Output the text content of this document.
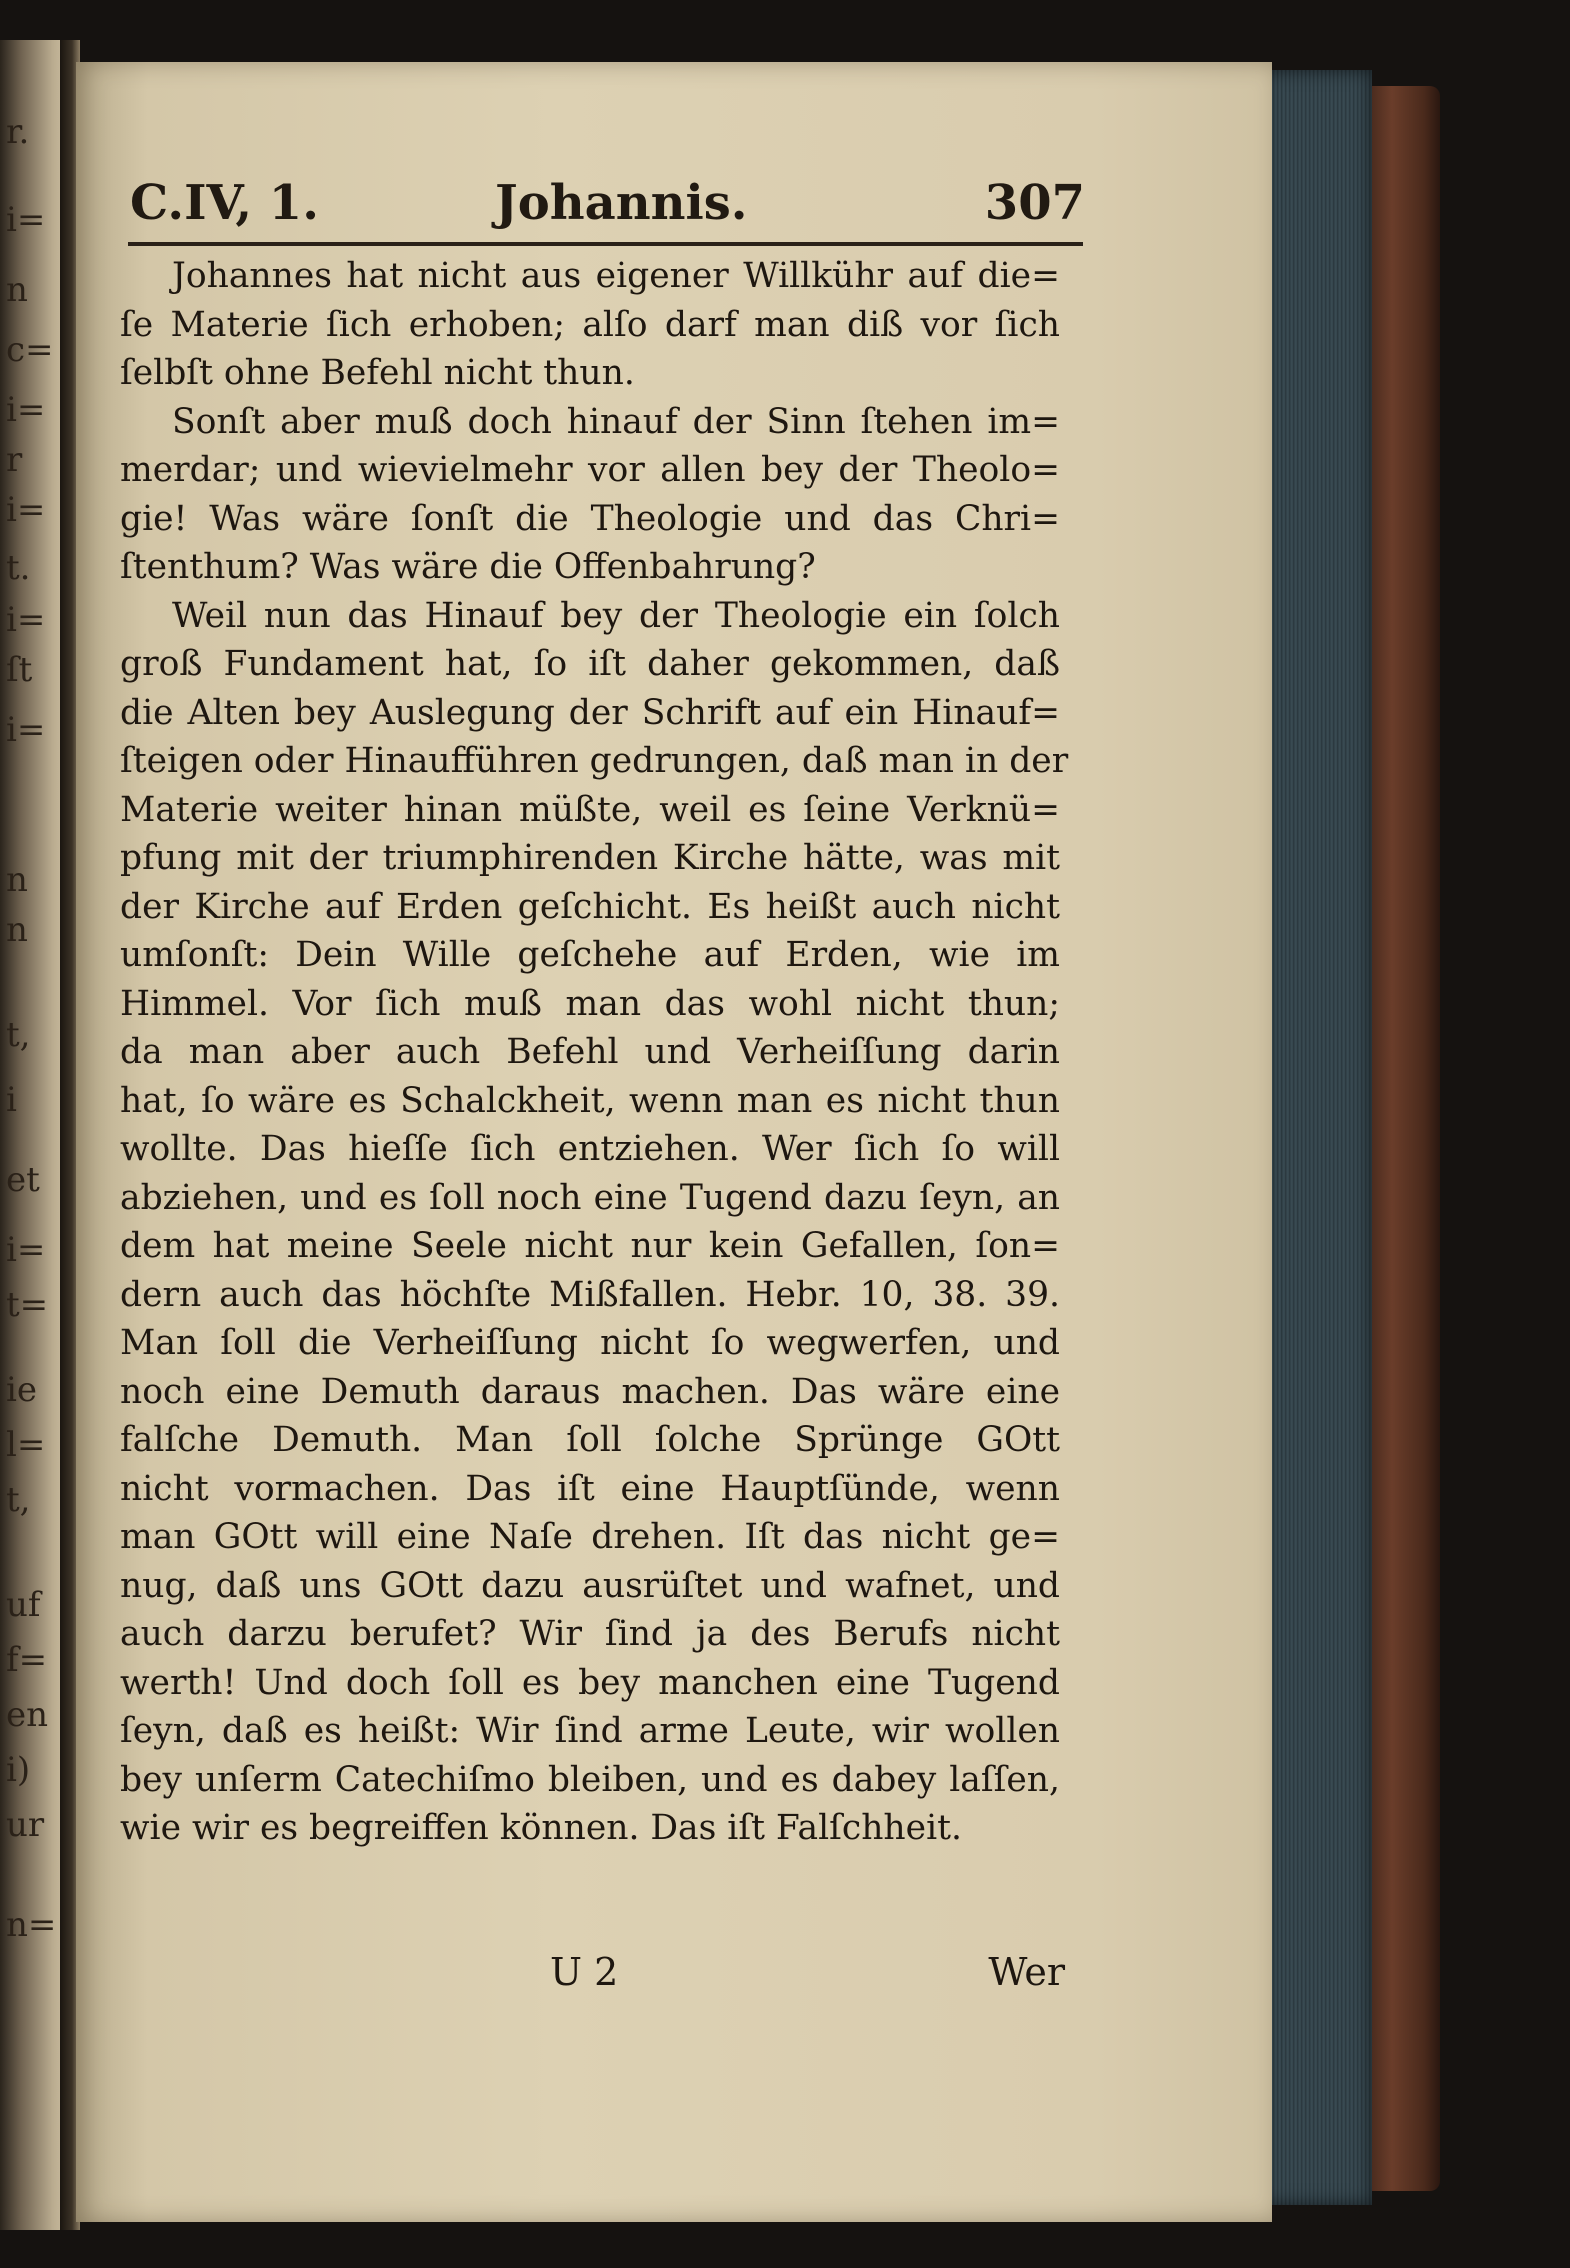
r.
i=
n
c=
i=
r
i=
t.
i=
ſt
i=
n
n
t,
i
et
i=
t=
ie
l=
t,
uf
f=
en
i)
ur
n=
C.IV, 1.	Johannis.	307
Johannes hat nicht aus eigener Willkühr auf die=
ſe Materie ſich erhoben; alſo darf man diß vor ſich
ſelbſt ohne Befehl nicht thun.
Sonſt aber muß doch hinauf der Sinn ſtehen im=
merdar; und wievielmehr vor allen bey der Theolo=
gie! Was wäre ſonſt die Theologie und das Chri=
ſtenthum? Was wäre die Offenbahrung?
Weil nun das Hinauf bey der Theologie ein ſolch
groß Fundament hat, ſo iſt daher gekommen, daß
die Alten bey Auslegung der Schrift auf ein Hinauf=
ſteigen oder Hinaufführen gedrungen, daß man in der
Materie weiter hinan müßte, weil es ſeine Verknü=
pfung mit der triumphirenden Kirche hätte, was mit
der Kirche auf Erden geſchicht. Es heißt auch nicht
umſonſt: Dein Wille geſchehe auf Erden, wie im
Himmel. Vor ſich muß man das wohl nicht thun;
da man aber auch Befehl und Verheiſſung darin
hat, ſo wäre es Schalckheit, wenn man es nicht thun
wollte. Das hieſſe ſich entziehen. Wer ſich ſo will
abziehen, und es ſoll noch eine Tugend dazu ſeyn, an
dem hat meine Seele nicht nur kein Gefallen, ſon=
dern auch das höchſte Mißfallen. Hebr. 10, 38. 39.
Man ſoll die Verheiſſung nicht ſo wegwerfen, und
noch eine Demuth daraus machen. Das wäre eine
falſche Demuth. Man ſoll ſolche Sprünge GOtt
nicht vormachen. Das iſt eine Hauptſünde, wenn
man GOtt will eine Naſe drehen. Iſt das nicht ge=
nug, daß uns GOtt dazu ausrüſtet und wafnet, und
auch darzu berufet? Wir ſind ja des Berufs nicht
werth! Und doch ſoll es bey manchen eine Tugend
ſeyn, daß es heißt: Wir ſind arme Leute, wir wollen
bey unſerm Catechiſmo bleiben, und es dabey laſſen,
wie wir es begreiffen können. Das iſt Falſchheit.
U 2	Wer
